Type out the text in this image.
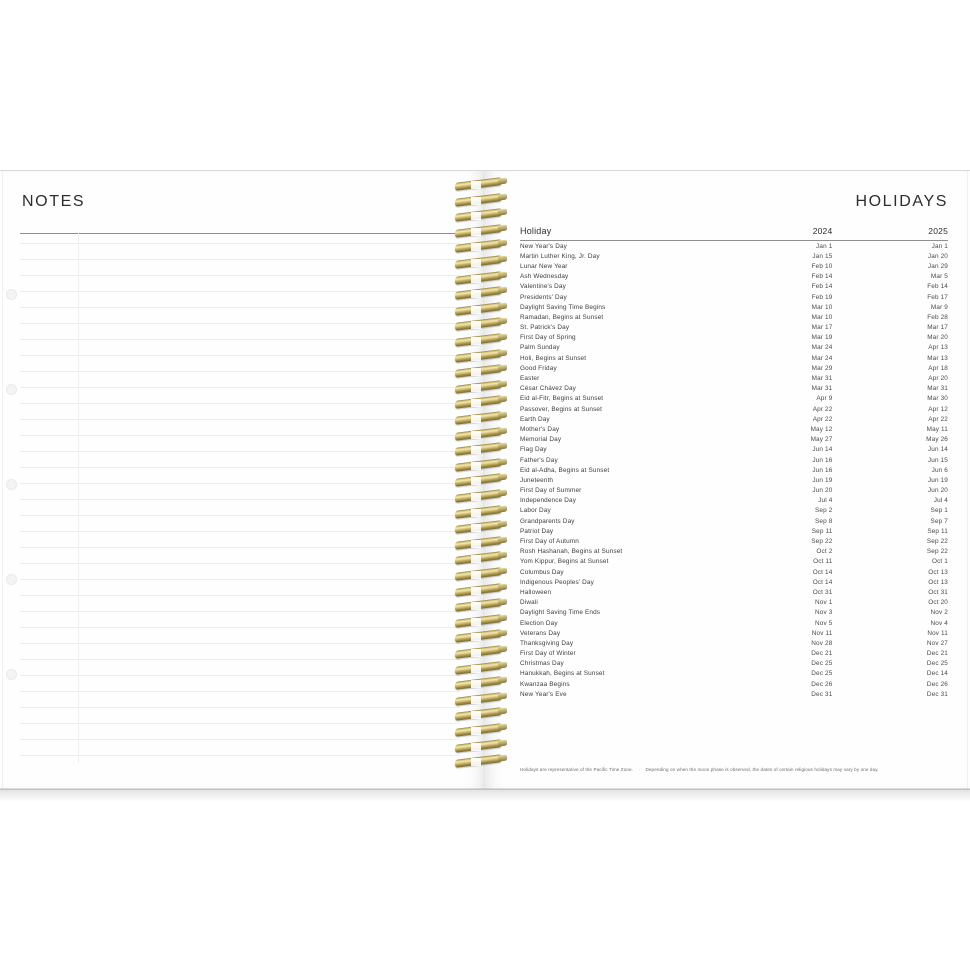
NOTES	HOLIDAYS
Holiday	2024	2025
New Year's Day	Jan 1	Jan 1
Martin Luther King, Jr. Day	Jan 15	Jan 20
Lunar New Year	Feb 10	Jan 29
Ash Wednesday	Feb 14	Mar 5
Valentine's Day	Feb 14	Feb 14
Presidents' Day	Feb 19	Feb 17
Daylight Saving Time Begins	Mar 10	Mar 9
Ramadan, Begins at Sunset	Mar 10	Feb 28
St. Patrick's Day	Mar 17	Mar 17
First Day of Spring	Mar 19	Mar 20
Palm Sunday	Mar 24	Apr 13
Holi, Begins at Sunset	Mar 24	Mar 13
Good Friday	Mar 29	Apr 18
Easter	Mar 31	Apr 20
César Chávez Day	Mar 31	Mar 31
Eid al-Fitr, Begins at Sunset	Apr 9	Mar 30
Passover, Begins at Sunset	Apr 22	Apr 12
Earth Day	Apr 22	Apr 22
Mother's Day	May 12	May 11
Memorial Day	May 27	May 26
Flag Day	Jun 14	Jun 14
Father's Day	Jun 16	Jun 15
Eid al-Adha, Begins at Sunset	Jun 16	Jun 6
Juneteenth	Jun 19	Jun 19
First Day of Summer	Jun 20	Jun 20
Independence Day	Jul 4	Jul 4
Labor Day	Sep 2	Sep 1
Grandparents Day	Sep 8	Sep 7
Patriot Day	Sep 11	Sep 11
First Day of Autumn	Sep 22	Sep 22
Rosh Hashanah, Begins at Sunset	Oct 2	Sep 22
Yom Kippur, Begins at Sunset	Oct 11	Oct 1
Columbus Day	Oct 14	Oct 13
Indigenous Peoples' Day	Oct 14	Oct 13
Halloween	Oct 31	Oct 31
Diwali	Nov 1	Oct 20
Daylight Saving Time Ends	Nov 3	Nov 2
Election Day	Nov 5	Nov 4
Veterans Day	Nov 11	Nov 11
Thanksgiving Day	Nov 28	Nov 27
First Day of Winter	Dec 21	Dec 21
Christmas Day	Dec 25	Dec 25
Hanukkah, Begins at Sunset	Dec 25	Dec 14
Kwanzaa Begins	Dec 26	Dec 26
New Year's Eve	Dec 31	Dec 31
Holidays are representative of the Pacific Time Zone. · Depending on when the moon phase is observed, the dates of certain religious holidays may vary by one day.
